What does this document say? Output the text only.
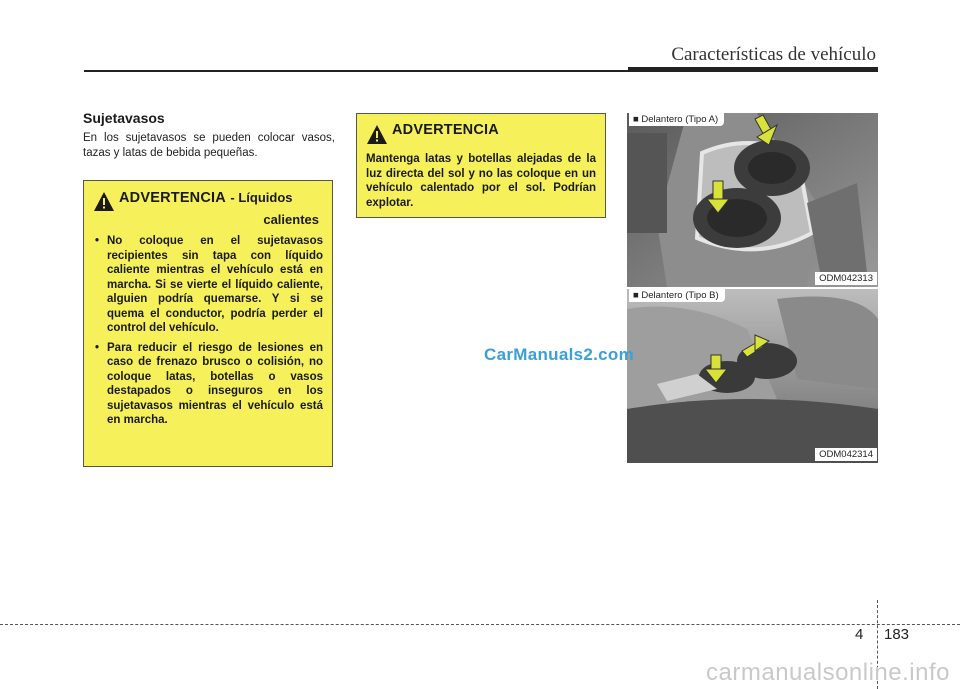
Características de vehículo
Sujetavasos
En los sujetavasos se pueden colocar vasos, tazas y latas de bebida pequeñas.
ADVERTENCIA - Líquidos
calientes
• No coloque en el sujetavasos recipientes sin tapa con líquido caliente mientras el vehículo está en marcha. Si se vierte el líquido caliente, alguien podría quemarse. Y si se quema el conductor, podría perder el control del vehículo.
• Para reducir el riesgo de lesiones en caso de frenazo brusco o colisión, no coloque latas, botellas o vasos destapados o inseguros en los sujetavasos mientras el vehículo está en marcha.
ADVERTENCIA
Mantenga latas y botellas alejadas de la luz directa del sol y no las coloque en un vehículo calentado por el sol. Podrían explotar.
■ Delantero (Tipo A)
ODM042313
■ Delantero (Tipo B)
ODM042314
CarManuals2.com
4 183
carmanualsonline.info
